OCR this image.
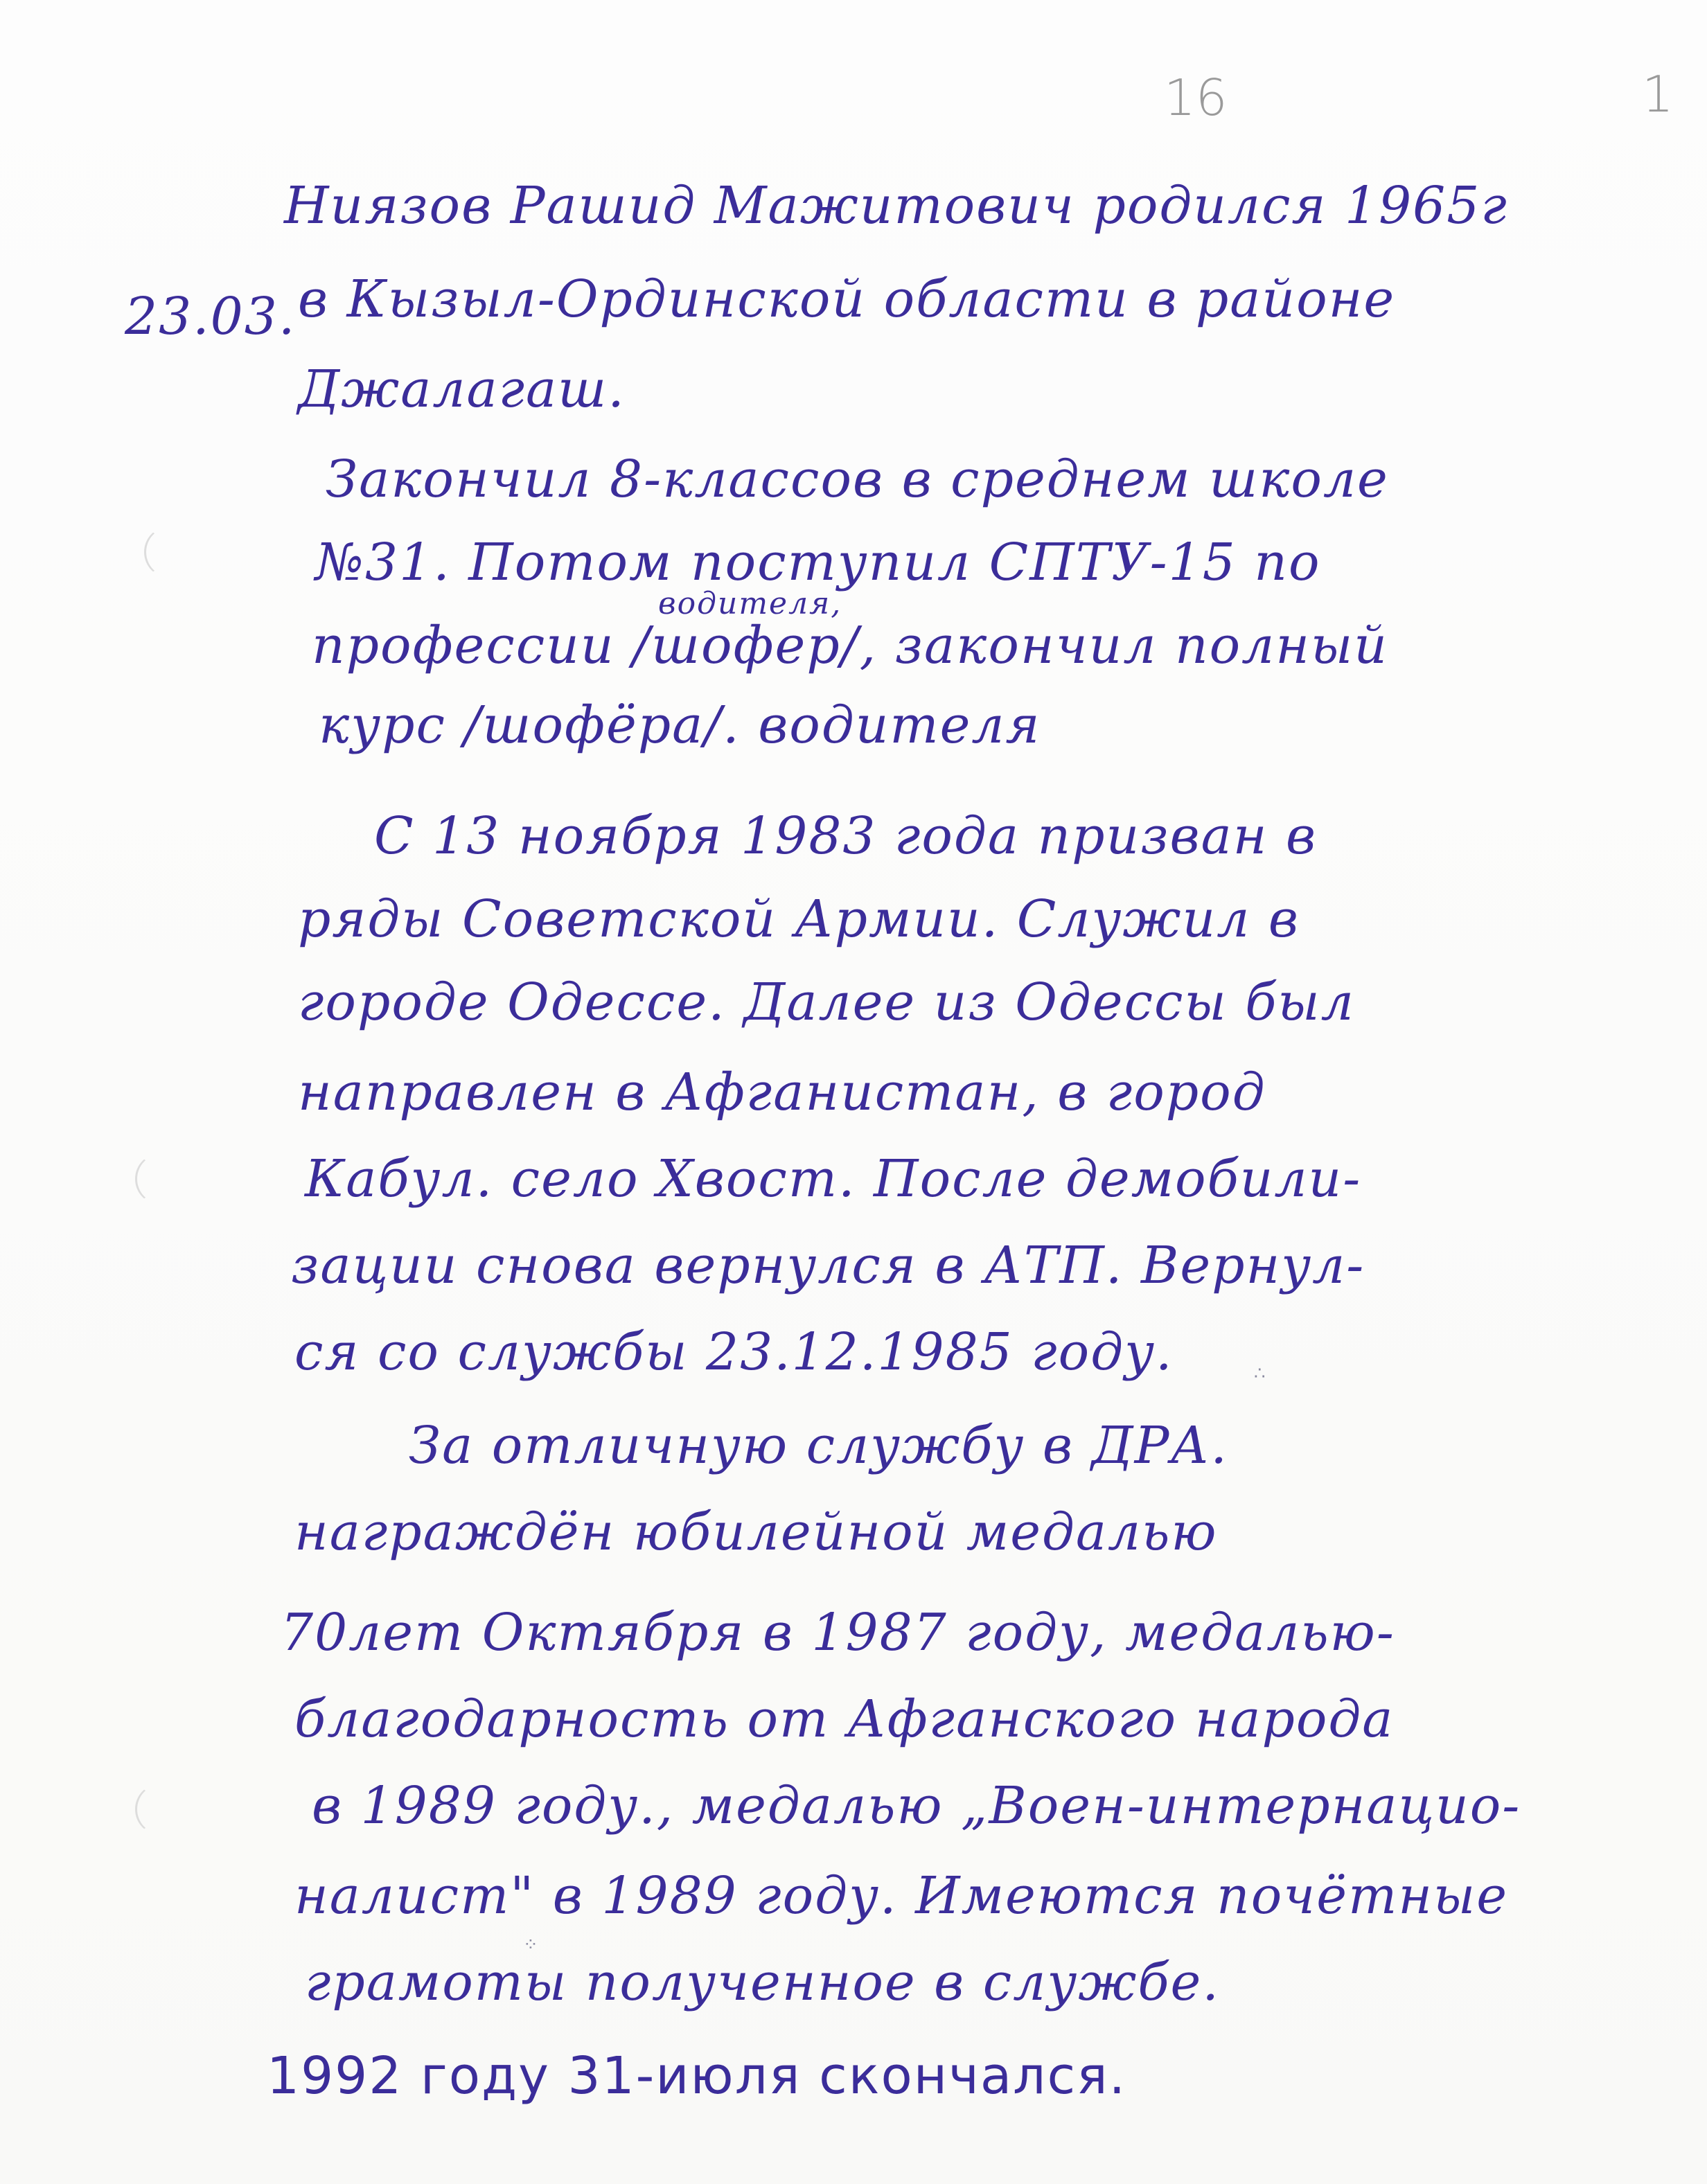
∴
⁘
16	1
23.03.
водителя,
Ниязов Рашид Мажитович родился 1965г
в Кызыл-Ординской области в районе
Джалагаш.
Закончил 8-классов в среднем школе
№31. Потом поступил СПТУ-15 по
профессии /шофер/, закончил полный
курс /шофёра/. водителя
С 13 ноября 1983 года призван в
ряды Советской Армии. Служил в
городе Одессе. Далее из Одессы был
направлен в Афганистан, в город
Кабул. село Хвост. После демобили-
зации снова вернулся в АТП. Вернул-
ся со службы 23.12.1985 году.
За отличную службу в ДРА.
награждён юбилейной медалью
70лет Октября в 1987 году, медалью-
благодарность от Афганского народа
в 1989 году., медалью „Воен-интернацио-
налист" в 1989 году. Имеются почётные
грамоты полученное в службе.
1992 году 31-июля скончался.
